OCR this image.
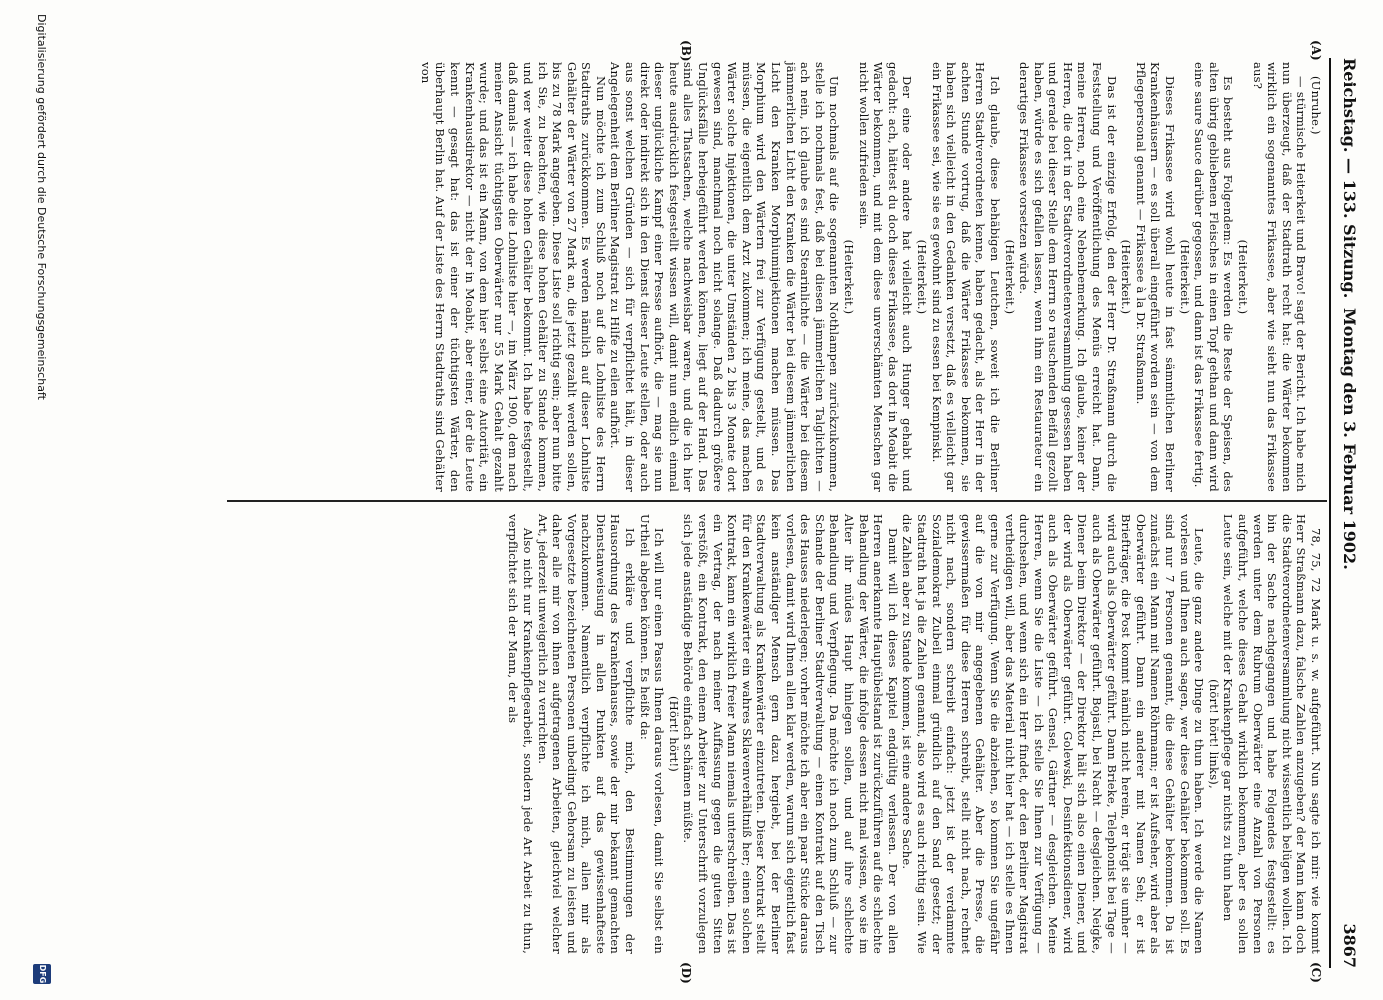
Reichstag. — 133. Sitzung.
Montag den 3. Februar 1902.
3867
(A)
(B)
(C)
(D)

(Unruhe.)

— stürmische Heiterkeit und Bravo! sagt der Bericht. Ich habe mich nun überzeugt, daß der Stadtrath recht hat: die Wärter bekommen wirklich ein sogenanntes Frikassee, aber wie sieht nun das Frikassee aus?

(Heiterkeit.)

Es besteht aus Folgendem: Es werden die Reste der Speisen, des alten übrig gebliebenen Fleisches in einen Topf gethan und dann wird eine saure Sauce darüber gegossen, und dann ist das Frikassee fertig.

(Heiterkeit.)

Dieses Frikassee wird wohl heute in fast sämmtlichen Berliner Krankenhäusern — es soll überall eingeführt worden sein — von dem Pflegepersonal genannt — Frikassee à la Dr. Straßmann.

(Heiterkeit.)

Das ist der einzige Erfolg, den der Herr Dr. Straßmann durch die Feststellung und Veröffentlichung des Menüs erreicht hat. Dann, meine Herren, noch eine Nebenbemerkung. Ich glaube, keiner der Herren, die dort in der Stadtverordnetenversammlung gesessen haben und gerade bei dieser Stelle dem Herrn so rauschenden Beifall gezollt haben, würde es sich gefallen lassen, wenn ihm ein Restaurateur ein derartiges Frikassee vorsetzen würde.

(Heiterkeit.)

Ich glaube, diese behäbigen Leutchen, soweit ich die Berliner Herren Stadtverordneten kenne, haben gedacht, als der Herr in der achten Stunde vortrug, daß die Wärter Frikassee bekommen, sie haben sich vielleicht in den Gedanken versetzt, daß es vielleicht gar ein Frikassee sei, wie sie es gewohnt sind zu essen bei Kempinski.

(Heiterkeit.)

Der eine oder andere hat vielleicht auch Hunger gehabt und gedacht: ach, hättest du doch dieses Frikassee, das dort in Moabit die Wärter bekommen, und mit dem diese unverschämten Menschen gar nicht wollen zufrieden sein.

(Heiterkeit.)

Um nochmals auf die sogenannten Nothlampen zurückzukommen, stelle ich nochmals fest, daß bei diesen jämmerlichen Talglichten — ach nein, ich glaube es sind Stearinlichte — die Wärter bei diesem jämmerlichen Licht den Kranken die Wärter bei diesem jämmerlichen Licht den Kranken Morphiuminjektionen machen müssen. Das Morphium wird den Wärtern frei zur Verfügung gestellt, und es müssen, die eigentlich dem Arzt zukommen; ich meine, das machen Wärter solche Injektionen, die unter Umständen 2 bis 3 Monate dort gewesen sind, manchmal noch nicht solange. Daß dadurch größere Unglücksfälle herbeigeführt werden können, liegt auf der Hand. Das sind alles Thatsachen, welche nachweisbar waren, und die ich hier heute ausdrücklich festgestellt wissen will, damit nun endlich einmal dieser unglückliche Kampf einer Presse aufhört, die — mag sie nun direkt oder indirekt sich in den Dienst dieser Leute stellen, oder auch aus sonst welchen Gründen — sich für verpflichtet hält, in dieser Angelegenheit dem Berliner Magistrat zu Hilfe zu eilen aufhört.

Nun möchte ich zum Schluß noch auf die Lohnliste des Herrn Stadtraths zurückkommen. Es werden nämlich auf dieser Lohnliste Gehälter der Wärter von 27 Mark an, die jetzt gezahlt werden sollen, bis zu 78 Mark angegeben. Diese Liste soll richtig sein; aber nun bitte ich Sie, zu beachten, wie diese hohen Gehälter zu Stande kommen, und wer weiter diese hohen Gehälter bekommt. Ich habe festgestellt, daß damals — ich habe die Lohnliste hier —, im März 1900, dem nach meiner Ansicht tüchtigsten Oberwärter nur 55 Mark Gehalt gezahlt wurde; und das ist ein Mann, von dem hier selbst eine Autorität, ein Krankenhausdirektor — nicht der in Moabit, aber einer, der die Leute kennt — gesagt hat: das ist einer der tüchtigsten Wärter, den überhaupt Berlin hat. Auf der Liste des Herrn Stadtraths sind Gehälter von

78, 75, 72 Mark u. s. w. aufgeführt. Nun sagte ich mir: wie kommt Herr Straßmann dazu, falsche Zahlen anzugeben? der Mann kann doch die Stadtverordnetenversammlung nicht wissentlich belügen wollen. Ich bin der Sache nachgegangen und habe Folgendes festgestellt: es werden unter dem Rubrum Oberwärter eine Anzahl von Personen aufgeführt, welche dieses Gehalt wirklich bekommen, aber es sollen Leute sein, welche mit der Krankenpflege gar nichts zu thun haben

(hört! hört! links),

Leute, die ganz andere Dinge zu thun haben. Ich werde die Namen vorlesen und Ihnen auch sagen, wer diese Gehälter bekommen soll. Es sind nur 7 Personen genannt, die diese Gehälter bekommen. Da ist zunächst ein Mann mit Namen Röhrmann; er ist Aufseher, wird aber als Oberwärter geführt. Dann ein anderer mit Namen Seh; er ist Briefträger, die Post kommt nämlich nicht herein, er trägt sie umher — wird auch als Oberwärter geführt. Dann Brieke, Telephonist bei Tage — auch als Oberwärter geführt. Bojastl, bei Nacht — desgleichen. Neigke, Diener beim Direktor — der Direktor hält sich also einen Diener, und der wird als Oberwärter geführt. Golewski, Desinfektionsdiener, wird auch als Oberwärter geführt. Gensel, Gärtner — desgleichen. Meine Herren, wenn Sie die Liste — ich stelle Sie Ihnen zur Verfügung — durchsehen, und wenn sich ein Herr findet, der den Berliner Magistrat vertheidigen will, aber das Material nicht hier hat — ich stelle es Ihnen gerne zur Verfügung. Wenn Sie die abziehen, so kommen Sie ungefähr auf die von mir angegebenen Gehälter. Aber die Presse, die gewissermaßen für diese Herren schreibt, stellt nicht nach, rechnet nicht nach, sondern schreibt einfach: jetzt ist der verdammte Sozialdemokrat Zubeil einmal gründlich auf den Sand gesetzt; der Stadtrath hat ja die Zahlen genannt, also wird es auch richtig sein. Wie die Zahlen aber zu Stande kommen, ist eine andere Sache.

Damit will ich dieses Kapitel endgültig verlassen. Der von allen Herren anerkannte Hauptübelstand ist zurückzuführen auf die schlechte Behandlung der Wärter, die infolge dessen nicht mal wissen, wo sie im Alter ihr müdes Haupt hinlegen sollen, und auf ihre schlechte Behandlung und Verpflegung. Da möchte ich noch zum Schluß — zur Schande der Berliner Stadtverwaltung — einen Kontrakt auf den Tisch des Hauses niederlegen; vorher möchte ich aber ein paar Stücke daraus vorlesen, damit wird Ihnen allen klar werden, warum sich eigentlich fast kein anständiger Mensch gern dazu hergiebt, bei der Berliner Stadtverwaltung als Krankenwärter einzutreten. Dieser Kontrakt stellt für den Krankenwärter ein wahres Sklavenverhältniß her; einen solchen Kontrakt, kann ein wirklich freier Mann niemals unterschreiben. Das ist ein Vertrag, der nach meiner Auffassung gegen die guten Sitten verstößt, ein Kontrakt, den einem Arbeiter zur Unterschrift vorzulegen sich jede anständige Behörde einfach schämen müßte.

(Hört! hört!)

Ich will nur einen Passus Ihnen daraus vorlesen, damit Sie selbst ein Urtheil abgeben können. Es heißt da:

Ich erkläre und verpflichte mich, den Bestimmungen der Hausordnung des Krankenhauses, sowie der mir bekannt gemachten Dienstanweisung in allen Punkten auf das gewissenhafteste nachzukommen. Namentlich verpflichte ich mich, allen mir als Vorgesetzte bezeichneten Personen unbedingt Gehorsam zu leisten und daher alle mir von ihnen aufgetragenen Arbeiten, gleichviel welcher Art, jederzeit unweigerlich zu verrichten.

Also nicht nur Krankenpflegearbeit, sondern jede Art Arbeit zu thun, verpflichtet sich der Mann, der als

Digitalisierung gefördert durch die Deutsche Forschungsgemeinschaft
DFG
